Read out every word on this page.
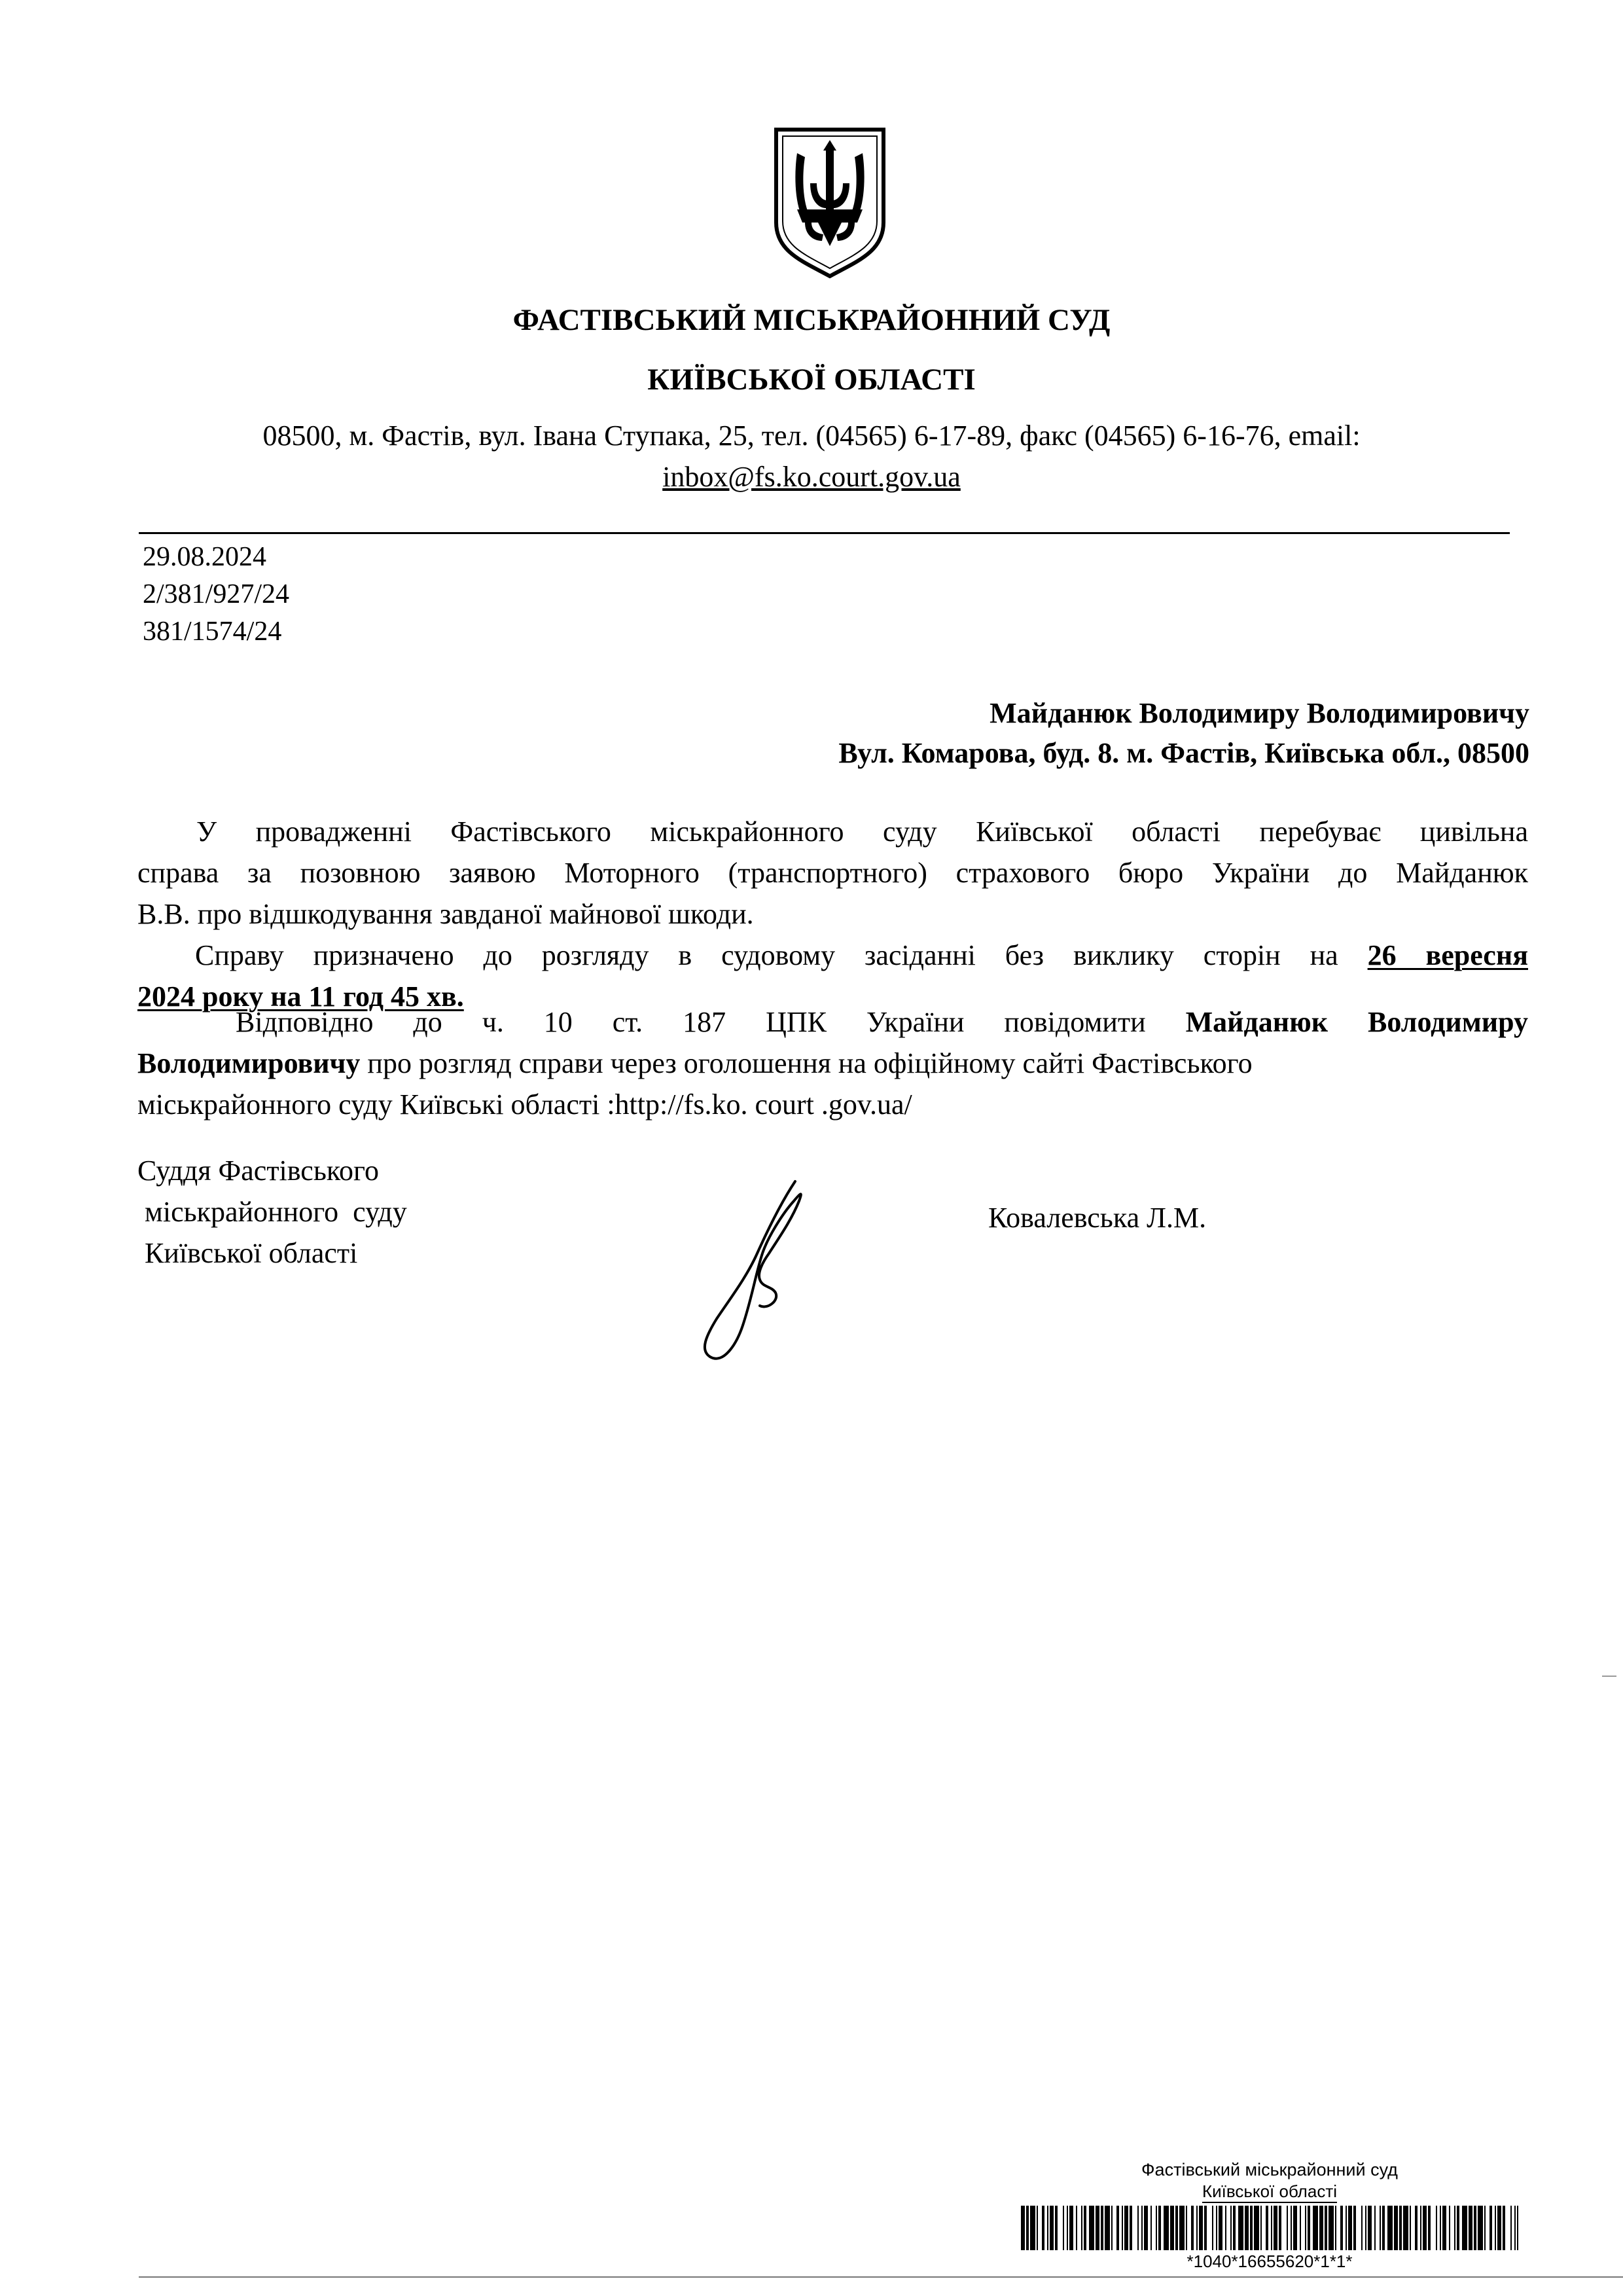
ФАСТІВСЬКИЙ МІСЬКРАЙОННИЙ СУД
КИЇВСЬКОЇ ОБЛАСТІ
08500, м. Фастів, вул. Івана Ступака, 25, тел. (04565) 6-17-89, факс (04565) 6-16-76, email:
inbox@fs.ko.court.gov.ua
29.08.2024
2/381/927/24
381/1574/24
Майданюк Володимиру Володимировичу
Вул. Комарова, буд. 8. м. Фастів, Київська обл., 08500
У провадженні Фастівського міськрайонного суду Київської області перебуває цивільна
справа за позовною заявою Моторного (транспортного) страхового бюро України до Майданюк
В.В. про відшкодування завданої майнової шкоди.
Справу призначено до розгляду в судовому засіданні без виклику сторін на 26 вересня
2024 року на 11 год 45 хв.
Відповідно до ч. 10 ст. 187 ЦПК України повідомити Майданюк Володимиру
Володимировичу про розгляд справи через оголошення на офіційному сайті Фастівського
міськрайонного суду Київські області :http://fs.ko. court .gov.ua/
Суддя Фастівського
міськрайонного  суду
Київської області
Ковалевська Л.М.
Фастівський міськрайонний суд
Київської області
*1040*16655620*1*1*
